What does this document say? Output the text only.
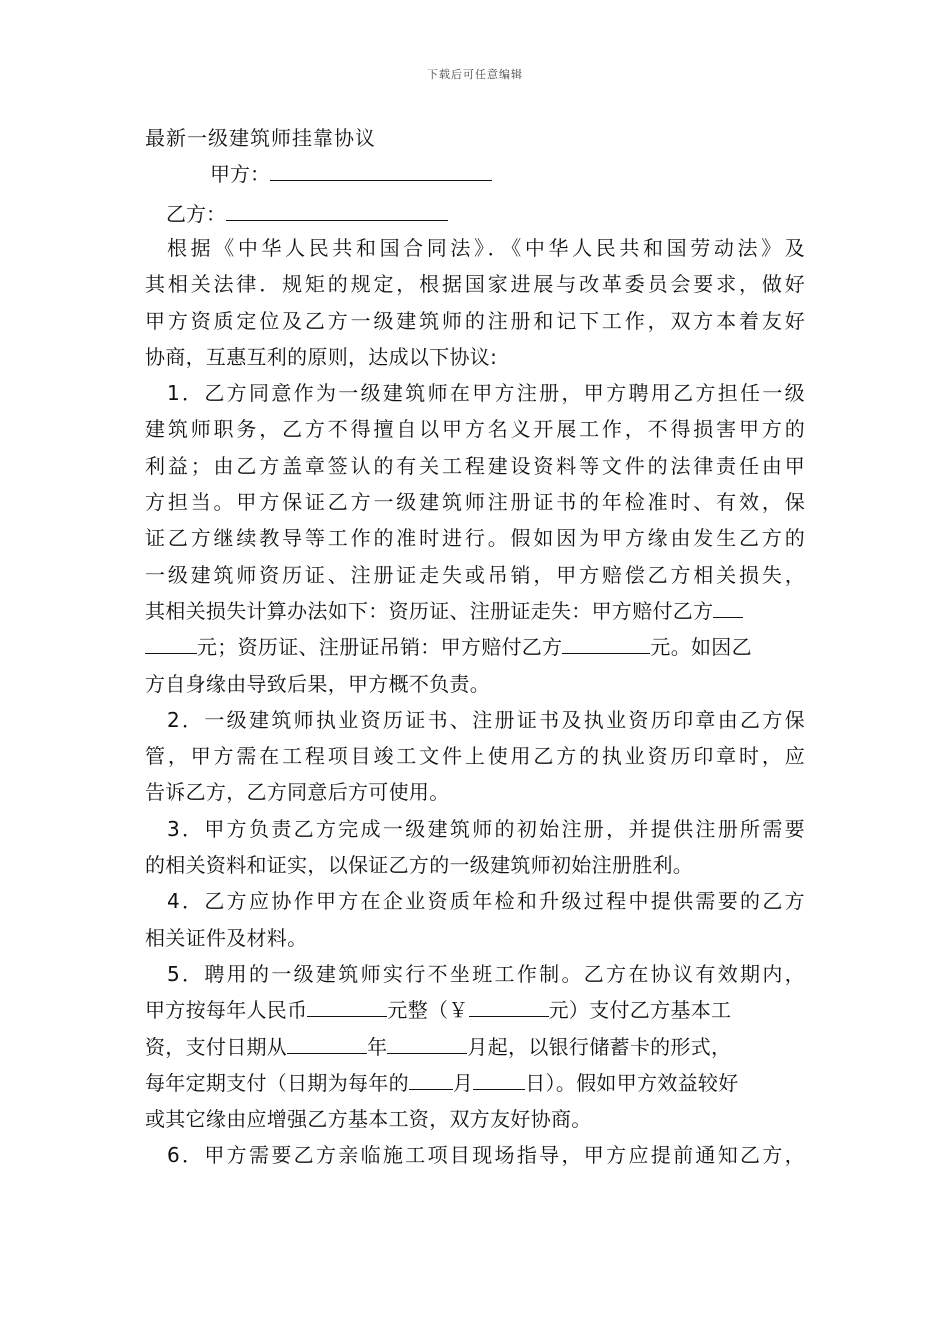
下载后可任意编辑
最新一级建筑师挂靠协议
甲方：
乙方：
根据《中华人民共和国合同法》．《中华人民共和国劳动法》及
其相关法律．规矩的规定，根据国家进展与改革委员会要求，做好
甲方资质定位及乙方一级建筑师的注册和记下工作，双方本着友好
协商，互惠互利的原则，达成以下协议:
1．乙方同意作为一级建筑师在甲方注册，甲方聘用乙方担任一级
建筑师职务，乙方不得擅自以甲方名义开展工作，不得损害甲方的
利益；由乙方盖章签认的有关工程建设资料等文件的法律责任由甲
方担当。甲方保证乙方一级建筑师注册证书的年检准时、有效，保
证乙方继续教导等工作的准时进行。假如因为甲方缘由发生乙方的
一级建筑师资历证、注册证走失或吊销，甲方赔偿乙方相关损失，
其相关损失计算办法如下：资历证、注册证走失：甲方赔付乙方
元；资历证、注册证吊销：甲方赔付乙方	元。如因乙
方自身缘由导致后果，甲方概不负责。
2．一级建筑师执业资历证书、注册证书及执业资历印章由乙方保
管，甲方需在工程项目竣工文件上使用乙方的执业资历印章时，应
告诉乙方，乙方同意后方可使用。
3．甲方负责乙方完成一级建筑师的初始注册，并提供注册所需要
的相关资料和证实，以保证乙方的一级建筑师初始注册胜利。
4．乙方应协作甲方在企业资质年检和升级过程中提供需要的乙方
相关证件及材料。
5．聘用的一级建筑师实行不坐班工作制。乙方在协议有效期内，
甲方按每年人民币	元整（￥	元）支付乙方基本工
资，支付日期从	年	月起，以银行储蓄卡的形式，
每年定期支付（日期为每年的 月	日）。假如甲方效益较好
或其它缘由应增强乙方基本工资，双方友好协商。
6．甲方需要乙方亲临施工项目现场指导，甲方应提前通知乙方，
